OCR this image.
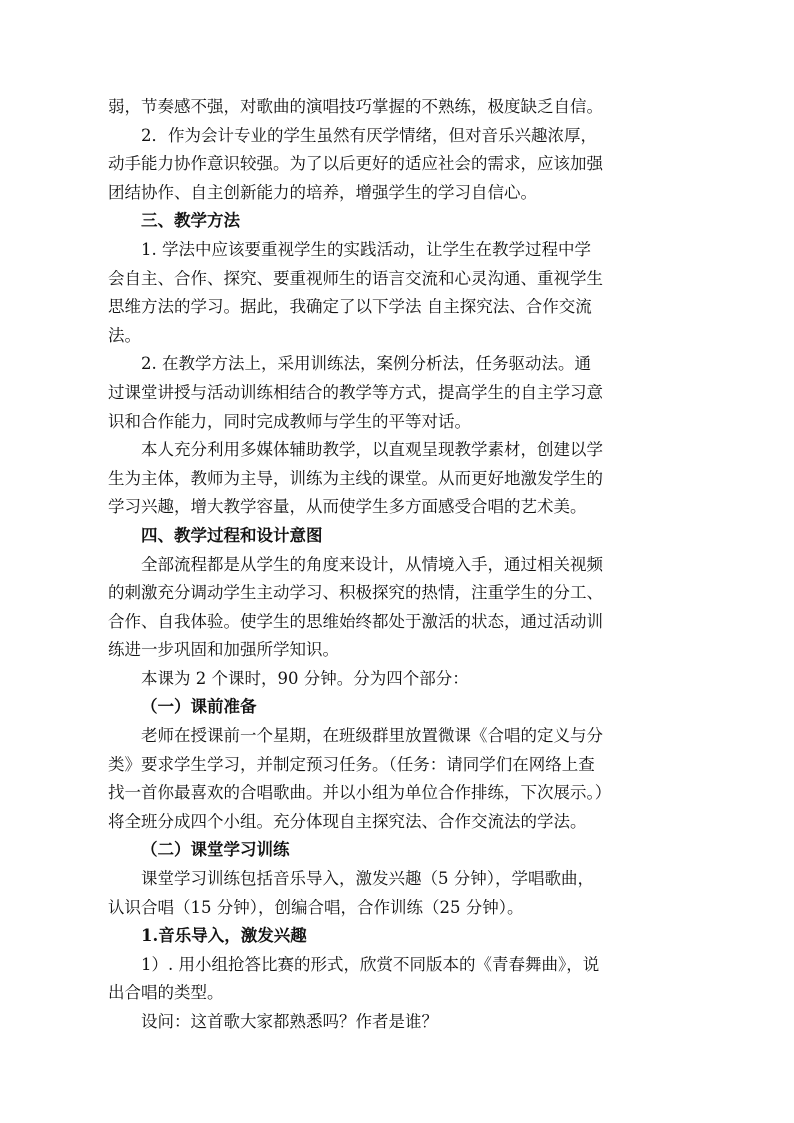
弱，节奏感不强，对歌曲的演唱技巧掌握的不熟练，极度缺乏自信。
2．作为会计专业的学生虽然有厌学情绪，但对音乐兴趣浓厚，
动手能力协作意识较强。为了以后更好的适应社会的需求，应该加强
团结协作、自主创新能力的培养，增强学生的学习自信心。
三、教学方法
1. 学法中应该要重视学生的实践活动，让学生在教学过程中学
会自主、合作、探究、要重视师生的语言交流和心灵沟通、重视学生
思维方法的学习。据此，我确定了以下学法 自主探究法、合作交流
法。
2. 在教学方法上，采用训练法，案例分析法，任务驱动法。通
过课堂讲授与活动训练相结合的教学等方式，提高学生的自主学习意
识和合作能力，同时完成教师与学生的平等对话。
本人充分利用多媒体辅助教学，以直观呈现教学素材，创建以学
生为主体，教师为主导，训练为主线的课堂。从而更好地激发学生的
学习兴趣，增大教学容量，从而使学生多方面感受合唱的艺术美。
四、教学过程和设计意图
全部流程都是从学生的角度来设计，从情境入手，通过相关视频
的刺激充分调动学生主动学习、积极探究的热情，注重学生的分工、
合作、自我体验。使学生的思维始终都处于激活的状态，通过活动训
练进一步巩固和加强所学知识。
本课为 2 个课时，90 分钟。分为四个部分：
（一）课前准备
老师在授课前一个星期，在班级群里放置微课《合唱的定义与分
类》要求学生学习，并制定预习任务。（任务：请同学们在网络上查
找一首你最喜欢的合唱歌曲。并以小组为单位合作排练，下次展示。）
将全班分成四个小组。充分体现自主探究法、合作交流法的学法。
（二）课堂学习训练
课堂学习训练包括音乐导入，激发兴趣（5 分钟），学唱歌曲，
认识合唱（15 分钟），创编合唱，合作训练（25 分钟）。
1.音乐导入，激发兴趣
1）. 用小组抢答比赛的形式，欣赏不同版本的《青春舞曲》，说
出合唱的类型。
设问：这首歌大家都熟悉吗？作者是谁？
